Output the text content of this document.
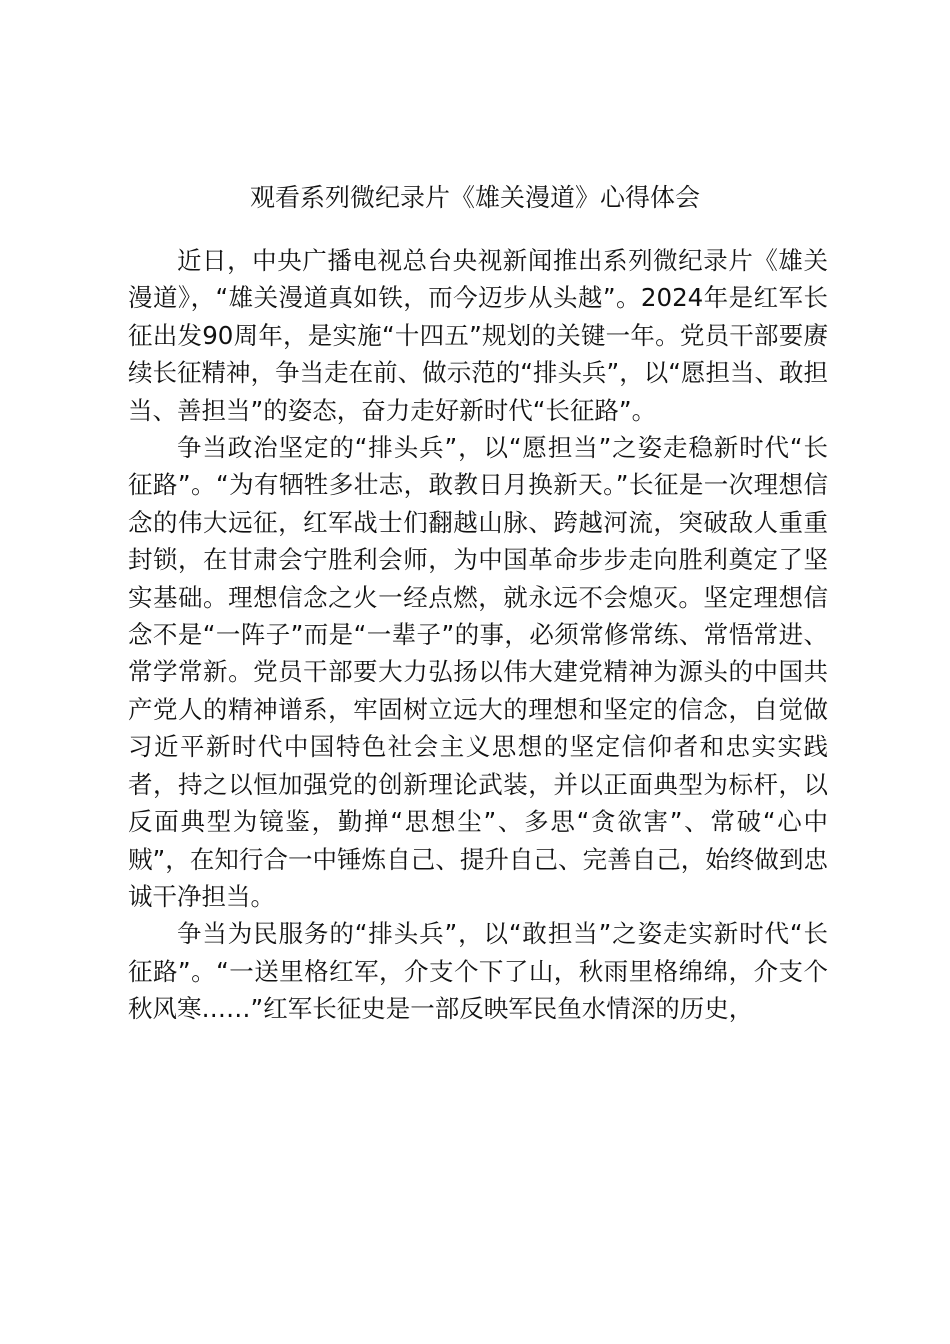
观看系列微纪录片《雄关漫道》心得体会

近日，中央广播电视总台央视新闻推出系列微纪录片《雄关漫道》，“雄关漫道真如铁，而今迈步从头越”。2024年是红军长征出发90周年，是实施“十四五”规划的关键一年。党员干部要赓续长征精神，争当走在前、做示范的“排头兵”，以“愿担当、敢担当、善担当”的姿态，奋力走好新时代“长征路”。

争当政治坚定的“排头兵”，以“愿担当”之姿走稳新时代“长征路”。“为有牺牲多壮志，敢教日月换新天。”长征是一次理想信念的伟大远征，红军战士们翻越山脉、跨越河流，突破敌人重重封锁，在甘肃会宁胜利会师，为中国革命步步走向胜利奠定了坚实基础。理想信念之火一经点燃，就永远不会熄灭。坚定理想信念不是“一阵子”而是“一辈子”的事，必须常修常练、常悟常进、常学常新。党员干部要大力弘扬以伟大建党精神为源头的中国共产党人的精神谱系，牢固树立远大的理想和坚定的信念，自觉做习近平新时代中国特色社会主义思想的坚定信仰者和忠实实践者，持之以恒加强党的创新理论武装，并以正面典型为标杆，以反面典型为镜鉴，勤掸“思想尘”、多思“贪欲害”、常破“心中贼”，在知行合一中锤炼自己、提升自己、完善自己，始终做到忠诚干净担当。

争当为民服务的“排头兵”，以“敢担当”之姿走实新时代“长征路”。“一送里格红军，介支个下了山，秋雨里格绵绵，介支个秋风寒……”红军长征史是一部反映军民鱼水情深的历史，
